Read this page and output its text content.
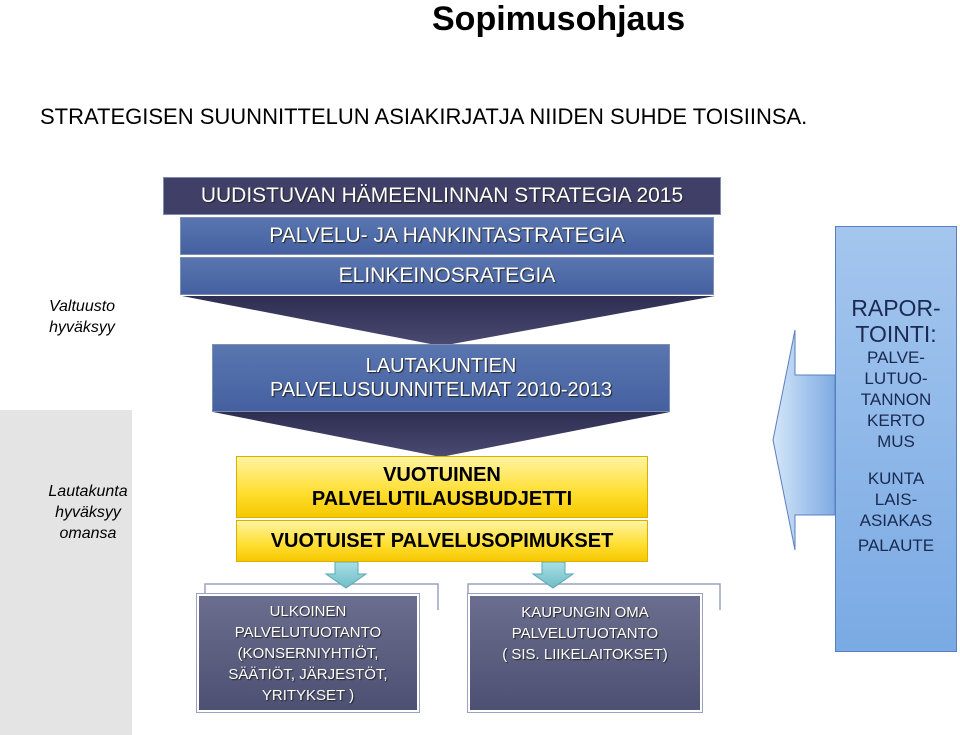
Sopimusohjaus
STRATEGISEN SUUNNITTELUN ASIAKIRJATJA NIIDEN SUHDE TOISIINSA.
Valtuusto
hyväksyy
Lautakunta
hyväksyy
omansa
UUDISTUVAN HÄMEENLINNAN STRATEGIA 2015
PALVELU- JA HANKINTASTRATEGIA
ELINKEINOSRATEGIA
LAUTAKUNTIEN
PALVELUSUUNNITELMAT 2010-2013
VUOTUINEN
PALVELUTILAUSBUDJETTI
VUOTUISET PALVELUSOPIMUKSET
ULKOINEN
PALVELUTUOTANTO
(KONSERNIYHTIÖT,
SÄÄTIÖT, JÄRJESTÖT,
YRITYKSET )
KAUPUNGIN OMA
PALVELUTUOTANTO
( SIS. LIIKELAITOKSET)
RAPOR-
TOINTI:
PALVE-
LUTUO-
TANNON
KERTO
MUS
KUNTA
LAIS-
ASIAKAS
PALAUTE
